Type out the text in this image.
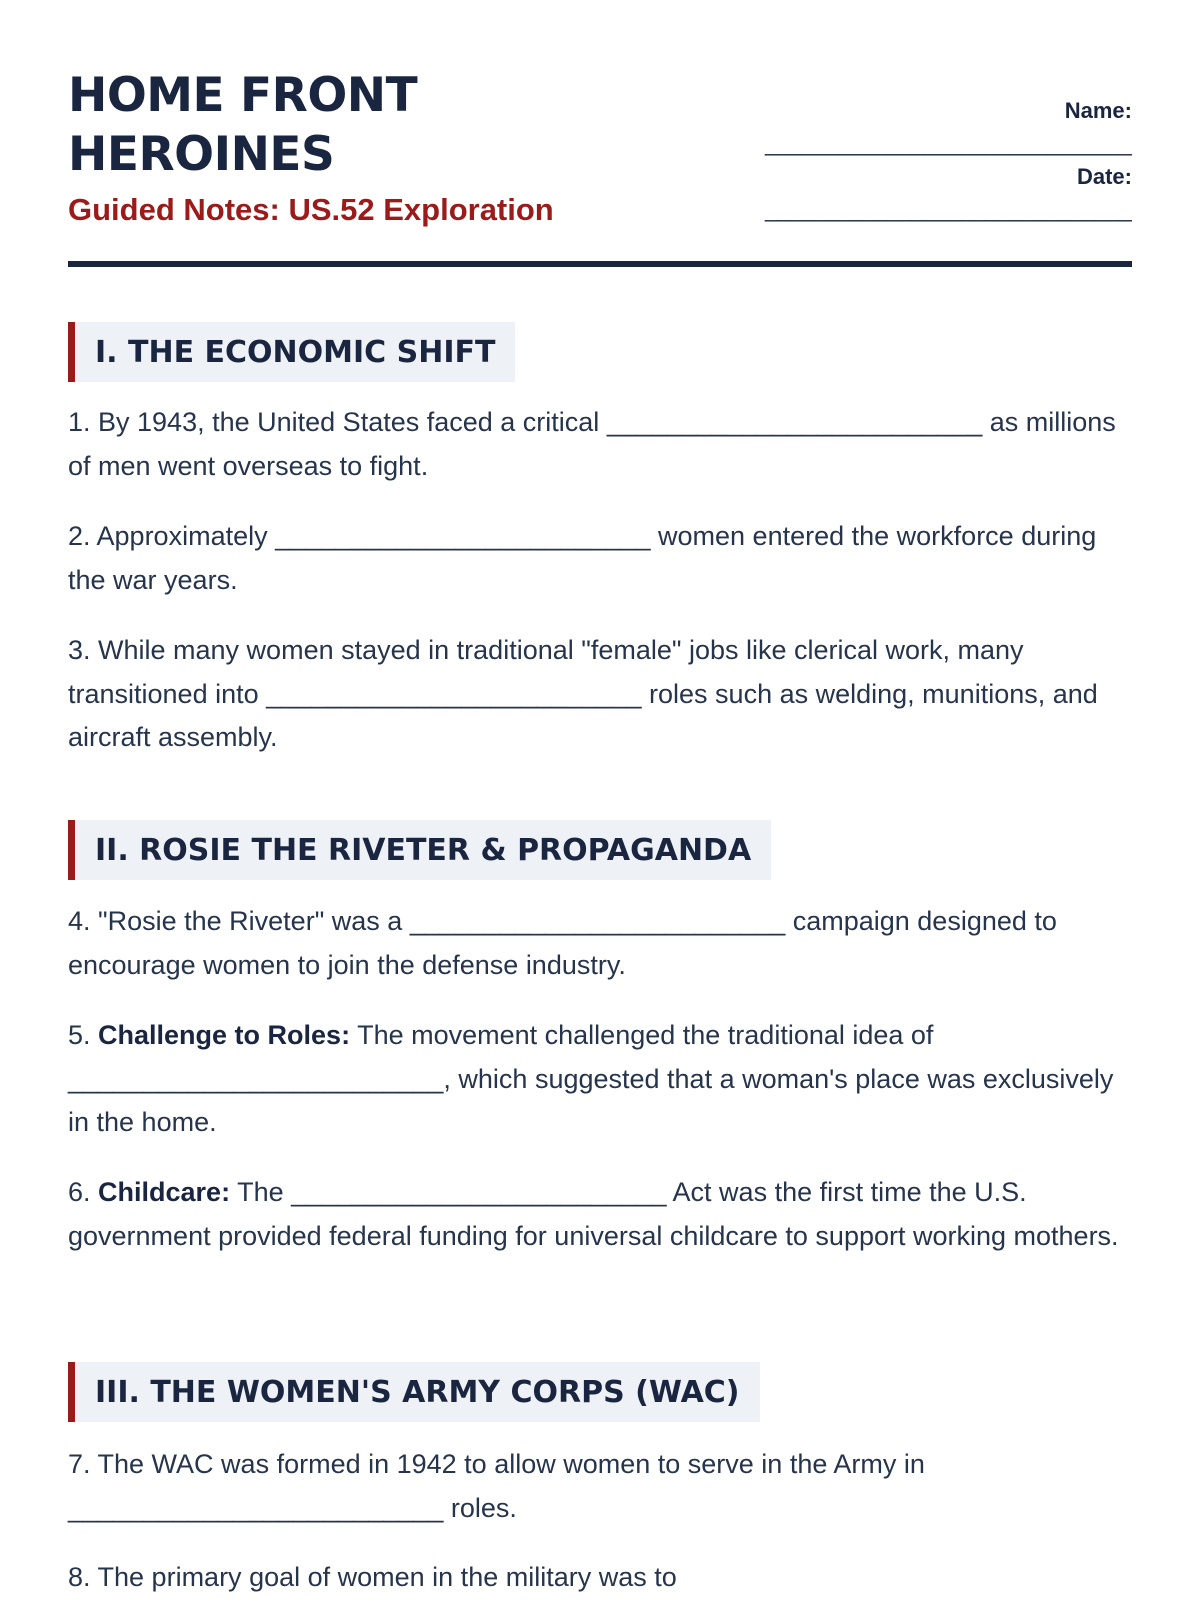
HOME FRONT
HEROINES
Guided Notes: US.52 Exploration
Name:
______________________________
Date:
______________________________
I. THE ECONOMIC SHIFT

1. By 1943, the United States faced a critical _________________________ as millions of men went overseas to fight.

2. Approximately _________________________ women entered the workforce during the war years.

3. While many women stayed in traditional "female" jobs like clerical work, many transitioned into _________________________ roles such as welding, munitions, and aircraft assembly.

II. ROSIE THE RIVETER & PROPAGANDA

4. "Rosie the Riveter" was a _________________________ campaign designed to encourage women to join the defense industry.

5. Challenge to Roles: The movement challenged the traditional idea of _________________________, which suggested that a woman's place was exclusively in the home.

6. Childcare: The _________________________ Act was the first time the U.S. government provided federal funding for universal childcare to support working mothers.

III. THE WOMEN'S ARMY CORPS (WAC)

7. The WAC was formed in 1942 to allow women to serve in the Army in _________________________ roles.

8. The primary goal of women in the military was to
